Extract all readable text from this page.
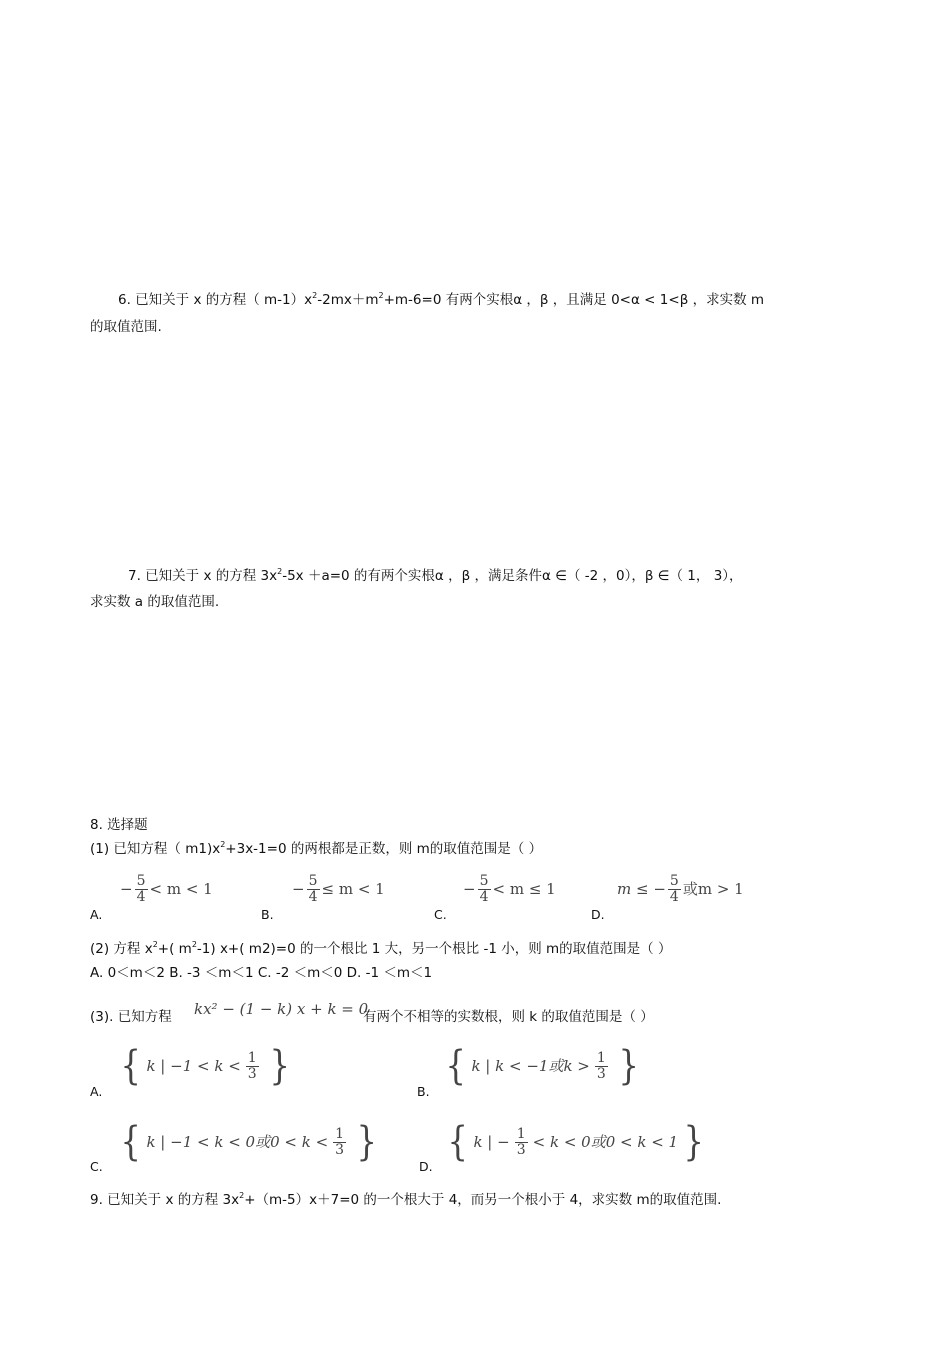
6. 已知关于 x 的方程（ $m-1)x^2-2mx+m^2+m-6=0$ 有两个实根α ，β ，且满足 0<α < 1<β ，求实数 m
的取值范围.
7. 已知关于 x 的方程 $3x^2-5x +a=0$ 的有两个实根α ，β ，满足条件α ∈（ -2 ，0），β ∈（ 1， 3），
求实数 a 的取值范围.
8. 选择题
(1) 已知方程（ $m1)x^2+3x-1=0$ 的两根都是正数，则 m的取值范围是（ ）
− $\frac{5}{4} < m < 1$
A.
− $\frac{5}{4} \le m < 1$
B.
− $\frac{5}{4} < m \le 1$
C.
m ≤ − $\frac{5}{4}$ 或m > 1
D.
(2) 方程 $x^2+$( $m^2-1$) x+( m2)=0 的一个根比 1 大，另一个根比 -1 小，则 m的取值范围是（ ）
A. 0＜m＜2 B. -3 ＜m＜1 C. -2 ＜m＜0 D. -1 ＜m＜1
(3). 已知方程 kx² − (1 − k) x + k = 0
有两个不相等的实数根，则 k 的取值范围是（ ）
{ k | $-1 < k < \frac{1}{3}$ }
A.
{ k | k < −1或$k > \frac{1}{3}$ }
B.
{ k | −1 < k < 0或$0 < k < \frac{1}{3}$ }
C.
{ k | − $\frac{1}{3} < k < 0$或0 < k < 1 }
D.
9. 已知关于 x 的方程 $3x^2+(m-5)x+7=0$ 的一个根大于 4，而另一个根小于 4，求实数 m的取值范围.
